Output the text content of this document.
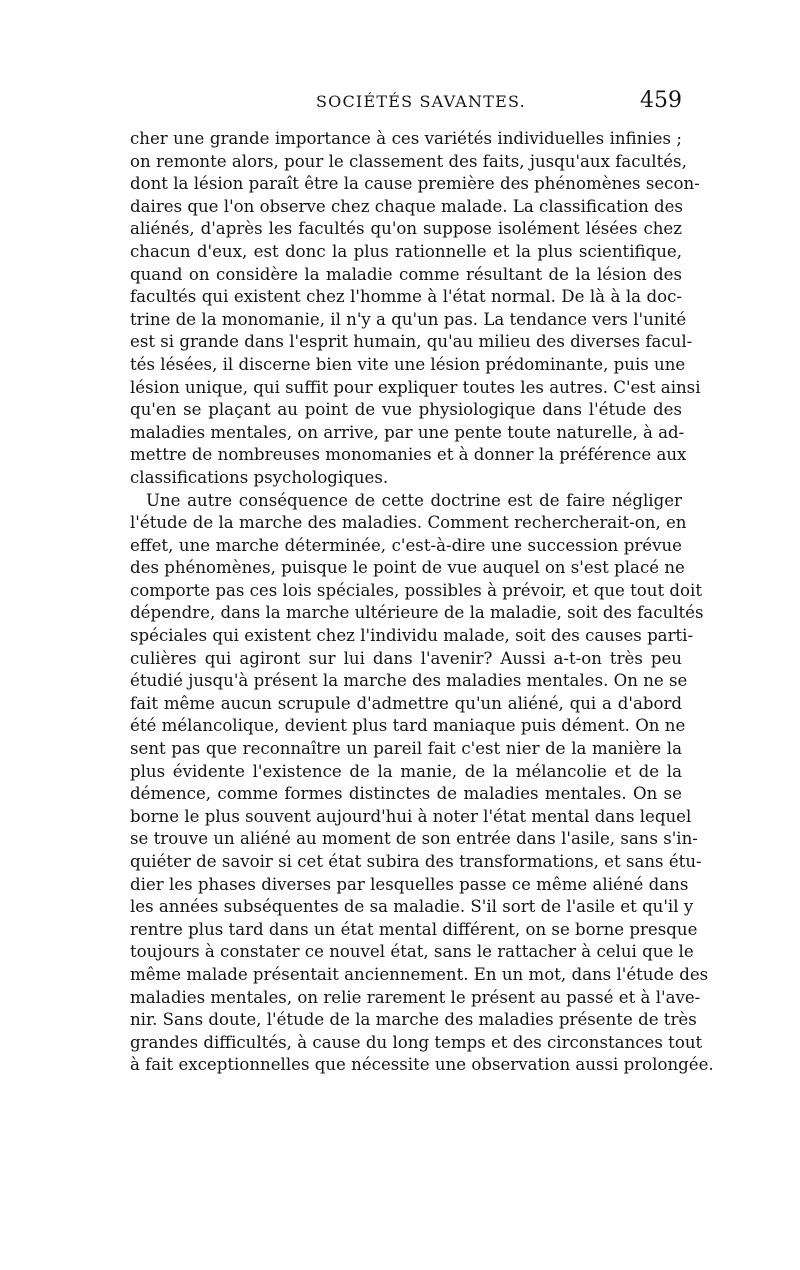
SOCIÉTÉS SAVANTES.	459
cher une grande importance à ces variétés individuelles infinies ;
on remonte alors, pour le classement des faits, jusqu'aux facultés,
dont la lésion paraît être la cause première des phénomènes secon-
daires que l'on observe chez chaque malade. La classification des
aliénés, d'après les facultés qu'on suppose isolément lésées chez
chacun d'eux, est donc la plus rationnelle et la plus scientifique,
quand on considère la maladie comme résultant de la lésion des
facultés qui existent chez l'homme à l'état normal. De là à la doc-
trine de la monomanie, il n'y a qu'un pas. La tendance vers l'unité
est si grande dans l'esprit humain, qu'au milieu des diverses facul-
tés lésées, il discerne bien vite une lésion prédominante, puis une
lésion unique, qui suffit pour expliquer toutes les autres. C'est ainsi
qu'en se plaçant au point de vue physiologique dans l'étude des
maladies mentales, on arrive, par une pente toute naturelle, à ad-
mettre de nombreuses monomanies et à donner la préférence aux
classifications psychologiques.
Une autre conséquence de cette doctrine est de faire négliger
l'étude de la marche des maladies. Comment rechercherait-on, en
effet, une marche déterminée, c'est-à-dire une succession prévue
des phénomènes, puisque le point de vue auquel on s'est placé ne
comporte pas ces lois spéciales, possibles à prévoir, et que tout doit
dépendre, dans la marche ultérieure de la maladie, soit des facultés
spéciales qui existent chez l'individu malade, soit des causes parti-
culières qui agiront sur lui dans l'avenir? Aussi a-t-on très peu
étudié jusqu'à présent la marche des maladies mentales. On ne se
fait même aucun scrupule d'admettre qu'un aliéné, qui a d'abord
été mélancolique, devient plus tard maniaque puis dément. On ne
sent pas que reconnaître un pareil fait c'est nier de la manière la
plus évidente l'existence de la manie, de la mélancolie et de la
démence, comme formes distinctes de maladies mentales. On se
borne le plus souvent aujourd'hui à noter l'état mental dans lequel
se trouve un aliéné au moment de son entrée dans l'asile, sans s'in-
quiéter de savoir si cet état subira des transformations, et sans étu-
dier les phases diverses par lesquelles passe ce même aliéné dans
les années subséquentes de sa maladie. S'il sort de l'asile et qu'il y
rentre plus tard dans un état mental différent, on se borne presque
toujours à constater ce nouvel état, sans le rattacher à celui que le
même malade présentait anciennement. En un mot, dans l'étude des
maladies mentales, on relie rarement le présent au passé et à l'ave-
nir. Sans doute, l'étude de la marche des maladies présente de très
grandes difficultés, à cause du long temps et des circonstances tout
à fait exceptionnelles que nécessite une observation aussi prolongée.
